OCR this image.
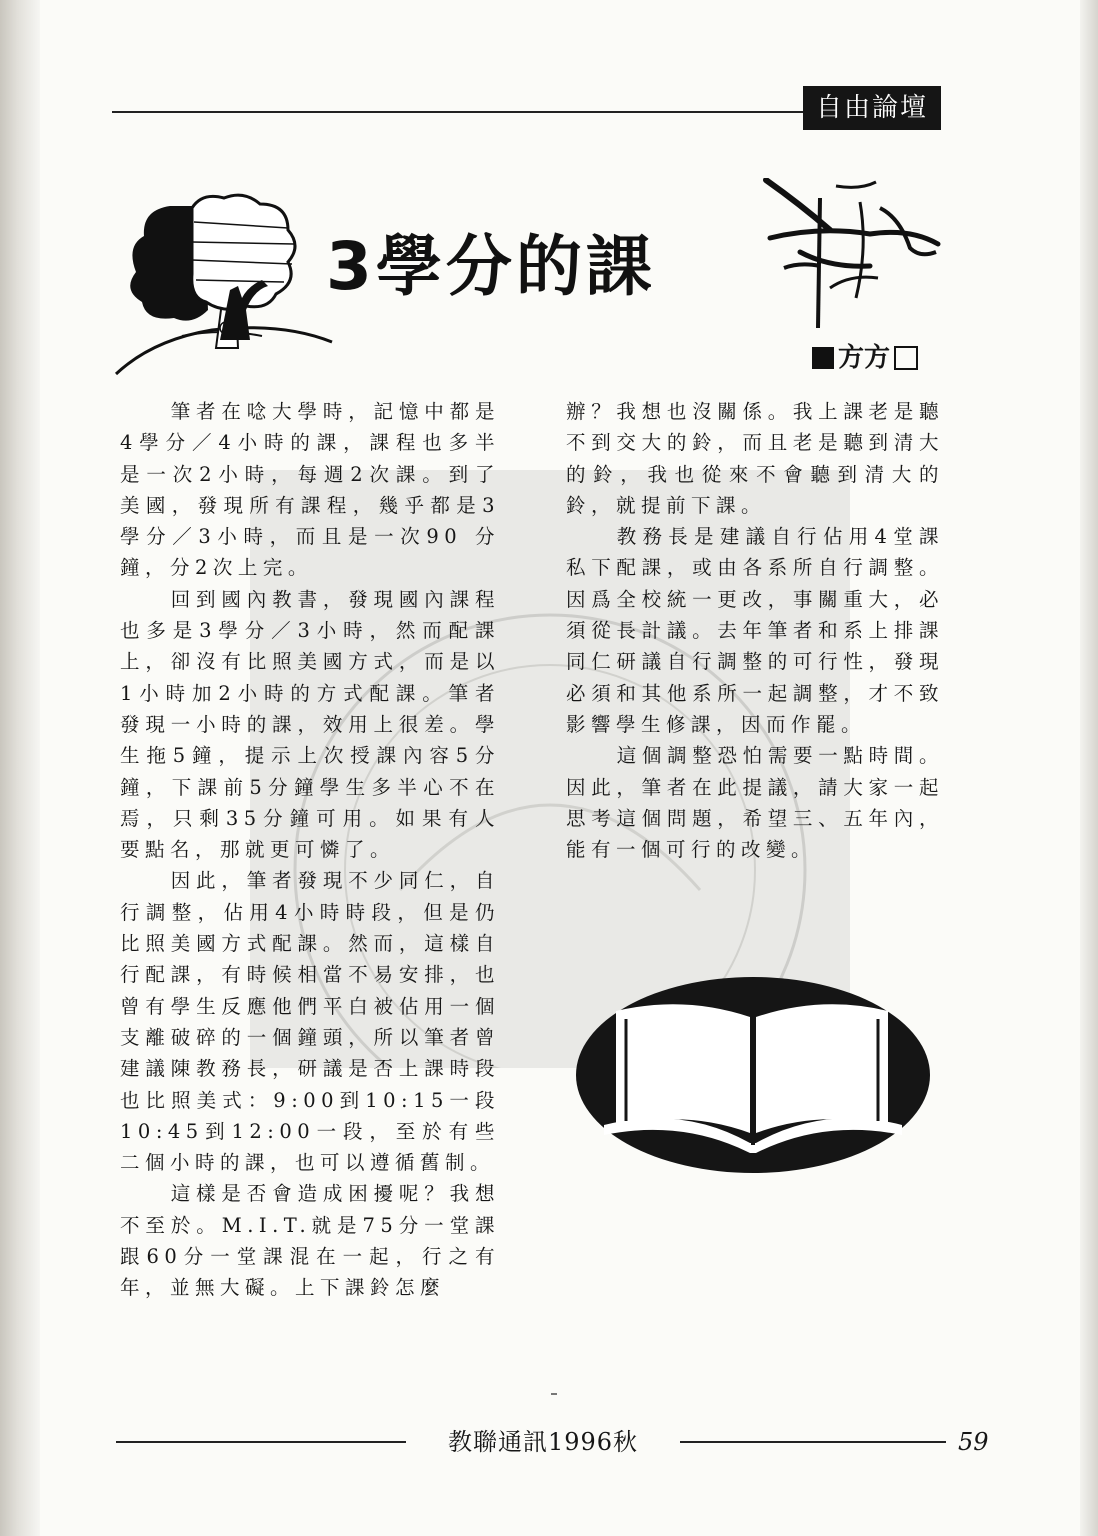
自由論壇
3學分的課
方方

筆者在唸大學時，記憶中都是4學分／4小時的課，課程也多半是一次2小時，每週2次課。到了美國，發現所有課程，幾乎都是3學分／3小時，而且是一次90 分鐘，分2次上完。

回到國內教書，發現國內課程也多是3學分／3小時，然而配課上，卻沒有比照美國方式，而是以1小時加2小時的方式配課。筆者發現一小時的課，效用上很差。學生拖5鐘，提示上次授課內容5分鐘，下課前5分鐘學生多半心不在焉，只剩35分鐘可用。如果有人要點名，那就更可憐了。

因此，筆者發現不少同仁，自行調整，佔用4小時時段，但是仍比照美國方式配課。然而，這樣自行配課，有時候相當不易安排，也曾有學生反應他們平白被佔用一個支離破碎的一個鐘頭，所以筆者曾建議陳教務長，研議是否上課時段也比照美式：9:00到10:15一段10:45到12:00一段，至於有些二個小時的課，也可以遵循舊制。

這樣是否會造成困擾呢？我想不至於。M.I.T.就是75分一堂課跟60分一堂課混在一起，行之有年，並無大礙。上下課鈴怎麼

辦？我想也沒關係。我上課老是聽不到交大的鈴，而且老是聽到清大的鈴，我也從來不會聽到清大的鈴，就提前下課。

教務長是建議自行佔用4堂課私下配課，或由各系所自行調整。因爲全校統一更改，事關重大，必須從長計議。去年筆者和系上排課同仁研議自行調整的可行性，發現必須和其他系所一起調整，才不致影響學生修課，因而作罷。

這個調整恐怕需要一點時間。因此，筆者在此提議，請大家一起思考這個問題，希望三、五年內，能有一個可行的改變。

教聯通訊1996秋	59
